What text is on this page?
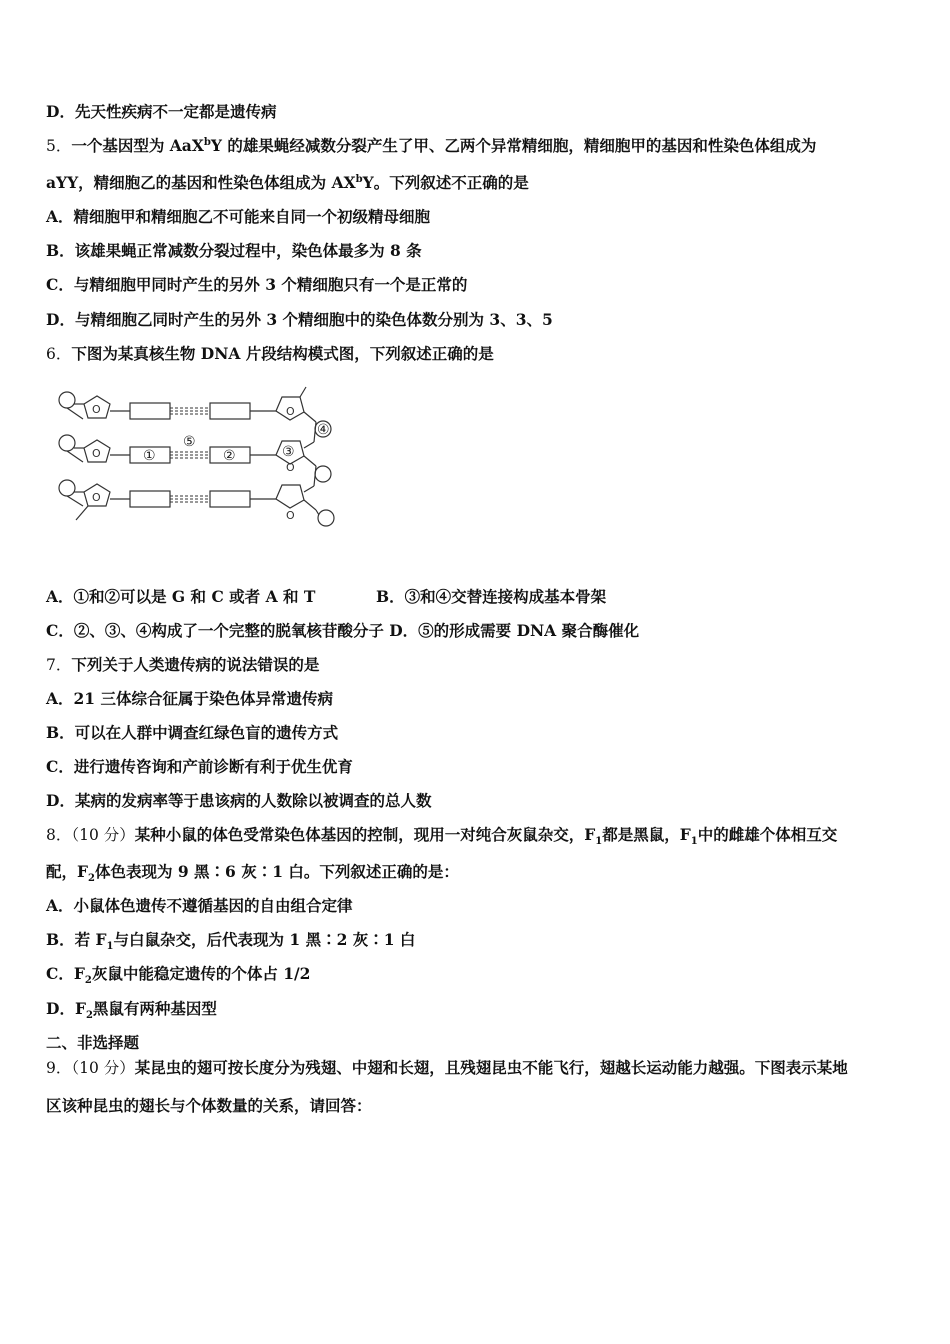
D．先天性疾病不一定都是遗传病
5．一个基因型为 AaX$^b$Y 的雄果蝇经减数分裂产生了甲、乙两个异常精细胞，精细胞甲的基因和性染色体组成为
aYY，精细胞乙的基因和性染色体组成为 $AX^bY$。下列叙述不正确的是
A．精细胞甲和精细胞乙不可能来自同一个初级精母细胞
B．该雄果蝇正常减数分裂过程中，染色体最多为 8 条
C．与精细胞甲同时产生的另外 3 个精细胞只有一个是正常的
D．与精细胞乙同时产生的另外 3 个精细胞中的染色体数分别为 3、3、5
6．下图为某真核生物 DNA 片段结构模式图，下列叙述正确的是
O
O
O
O
O
O
①	②	③
④
⑤
A．①和②可以是 G 和 C 或者 A 和 T	B．③和④交替连接构成基本骨架
C．②、③、④构成了一个完整的脱氧核苷酸分子 D．⑤的形成需要 DNA 聚合酶催化
7．下列关于人类遗传病的说法错误的是
A．21 三体综合征属于染色体异常遗传病
B．可以在人群中调查红绿色盲的遗传方式
C．进行遗传咨询和产前诊断有利于优生优育
D．某病的发病率等于患该病的人数除以被调查的总人数
8．（10 分）某种小鼠的体色受常染色体基因的控制，现用一对纯合灰鼠杂交，$F_1$都是黑鼠，$F_1$中的雌雄个体相互交
配，$F_2$体色表现为 9 黑∶6 灰∶1 白。下列叙述正确的是：
A．小鼠体色遗传不遵循基因的自由组合定律
B．若 $F_1$与白鼠杂交，后代表现为 1 黑∶2 灰∶1 白
C．$F_2$灰鼠中能稳定遗传的个体占 1/2
D．$F_2$黑鼠有两种基因型
二、非选择题
9．（10 分）某昆虫的翅可按长度分为残翅、中翅和长翅，且残翅昆虫不能飞行，翅越长运动能力越强。下图表示某地
区该种昆虫的翅长与个体数量的关系，请回答：
